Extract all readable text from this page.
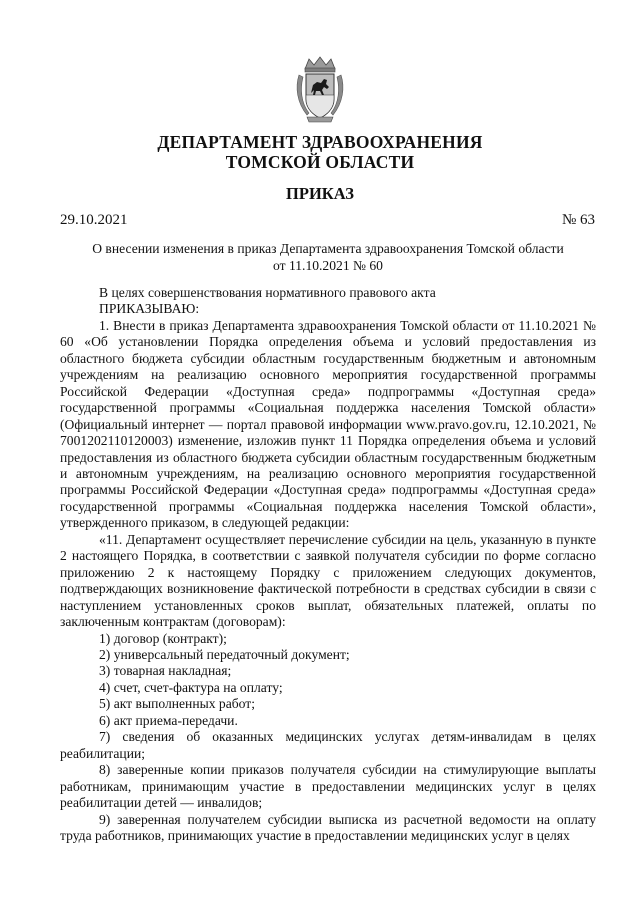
ДЕПАРТАМЕНТ ЗДРАВООХРАНЕНИЯ
ТОМСКОЙ ОБЛАСТИ
ПРИКАЗ
29.10.2021	№ 63
О внесении изменения в приказ Департамента здравоохранения Томской области
от 11.10.2021 № 60

В целях совершенствования нормативного правового акта

ПРИКАЗЫВАЮ:

1. Внести в приказ Департамента здравоохранения Томской области от 11.10.2021 № 60 «Об установлении Порядка определения объема и условий предоставления из областного бюджета субсидии областным государственным бюджетным и автономным учреждениям на реализацию основного мероприятия государственной программы Российской Федерации «Доступная среда» подпрограммы «Доступная среда» государственной программы «Социальная поддержка населения Томской области» (Официальный интернет — портал правовой информации www.pravo.gov.ru, 12.10.2021, № 7001202110120003) изменение, изложив пункт 11 Порядка определения объема и условий предоставления из областного бюджета субсидии областным государственным бюджетным и автономным учреждениям, на реализацию основного мероприятия государственной программы Российской Федерации «Доступная среда» подпрограммы «Доступная среда» государственной программы «Социальная поддержка населения Томской области», утвержденного приказом, в следующей редакции:

«11. Департамент осуществляет перечисление субсидии на цель, указанную в пункте 2 настоящего Порядка, в соответствии с заявкой получателя субсидии по форме согласно приложению 2 к настоящему Порядку с приложением следующих документов, подтверждающих возникновение фактической потребности в средствах субсидии в связи с наступлением установленных сроков выплат, обязательных платежей, оплаты по заключенным контрактам (договорам):

1) договор (контракт);

2) универсальный передаточный документ;

3) товарная накладная;

4) счет, счет-фактура на оплату;

5) акт выполненных работ;

6) акт приема-передачи.

7) сведения об оказанных медицинских услугах детям-инвалидам в целях реабилитации;

8) заверенные копии приказов получателя субсидии на стимулирующие выплаты работникам, принимающим участие в предоставлении медицинских услуг в целях реабилитации детей — инвалидов;

9) заверенная получателем субсидии выписка из расчетной ведомости на оплату труда работников, принимающих участие в предоставлении медицинских услуг в целях
